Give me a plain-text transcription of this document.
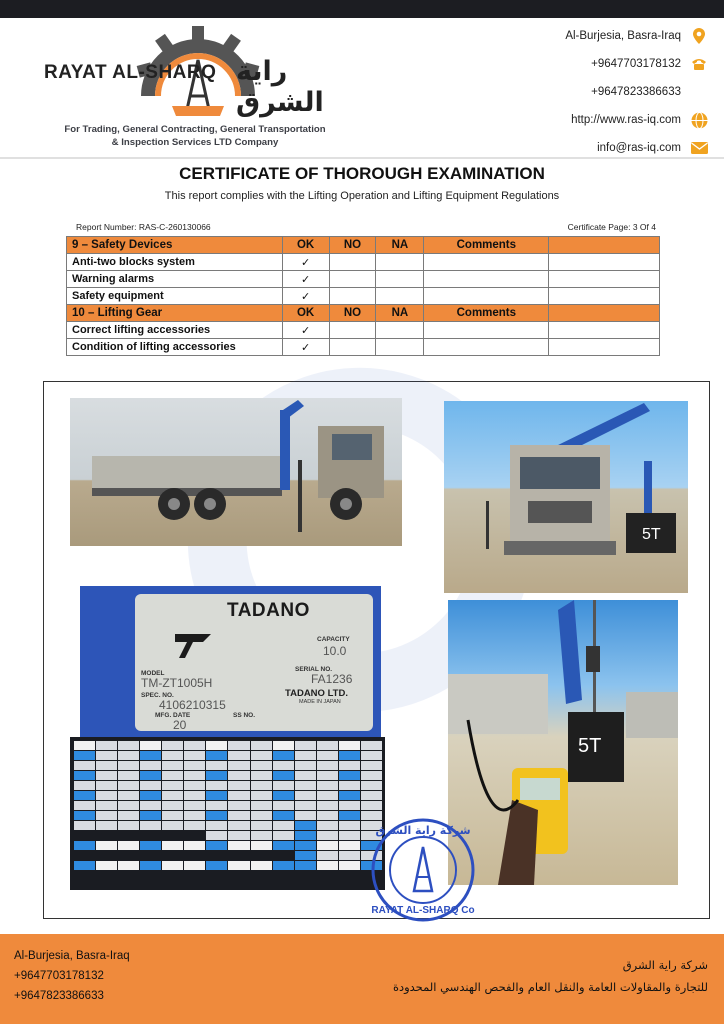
RAYAT AL-SHARQ راية الشرق
For Trading, General Contracting, General Transportation
& Inspection Services LTD Company
Al-Burjesia, Basra-Iraq
+9647703178132
+9647823386633
http://www.ras-iq.com
info@ras-iq.com
CERTIFICATE OF THOROUGH EXAMINATION
This report complies with the Lifting Operation and Lifting Equipment Regulations
Report Number: RAS-C-260130066	Certificate Page: 3 Of 4
9 – Safety Devices	OK	NO	NA	Comments	
Anti-two blocks system	✓				
Warning alarms	✓				
Safety equipment	✓				
10 – Lifting Gear	OK	NO	NA	Comments	
Correct lifting accessories	✓				
Condition of lifting accessories	✓				
5T
TADANO
CAPACITY
10.0
MODEL
TM-ZT1005H
SERIAL NO.
FA1236
SPEC. NO.
4106210315
MFG. DATE	SS NO.
20
TADANO LTD.
MADE IN JAPAN
5T
شركة راية الشرق
RAYAT AL-SHARQ Co
Al-Burjesia, Basra-Iraq
+9647703178132
+9647823386633
شركة راية الشرق
للتجارة والمقاولات العامة والنقل العام والفحص الهندسي المحدودة
